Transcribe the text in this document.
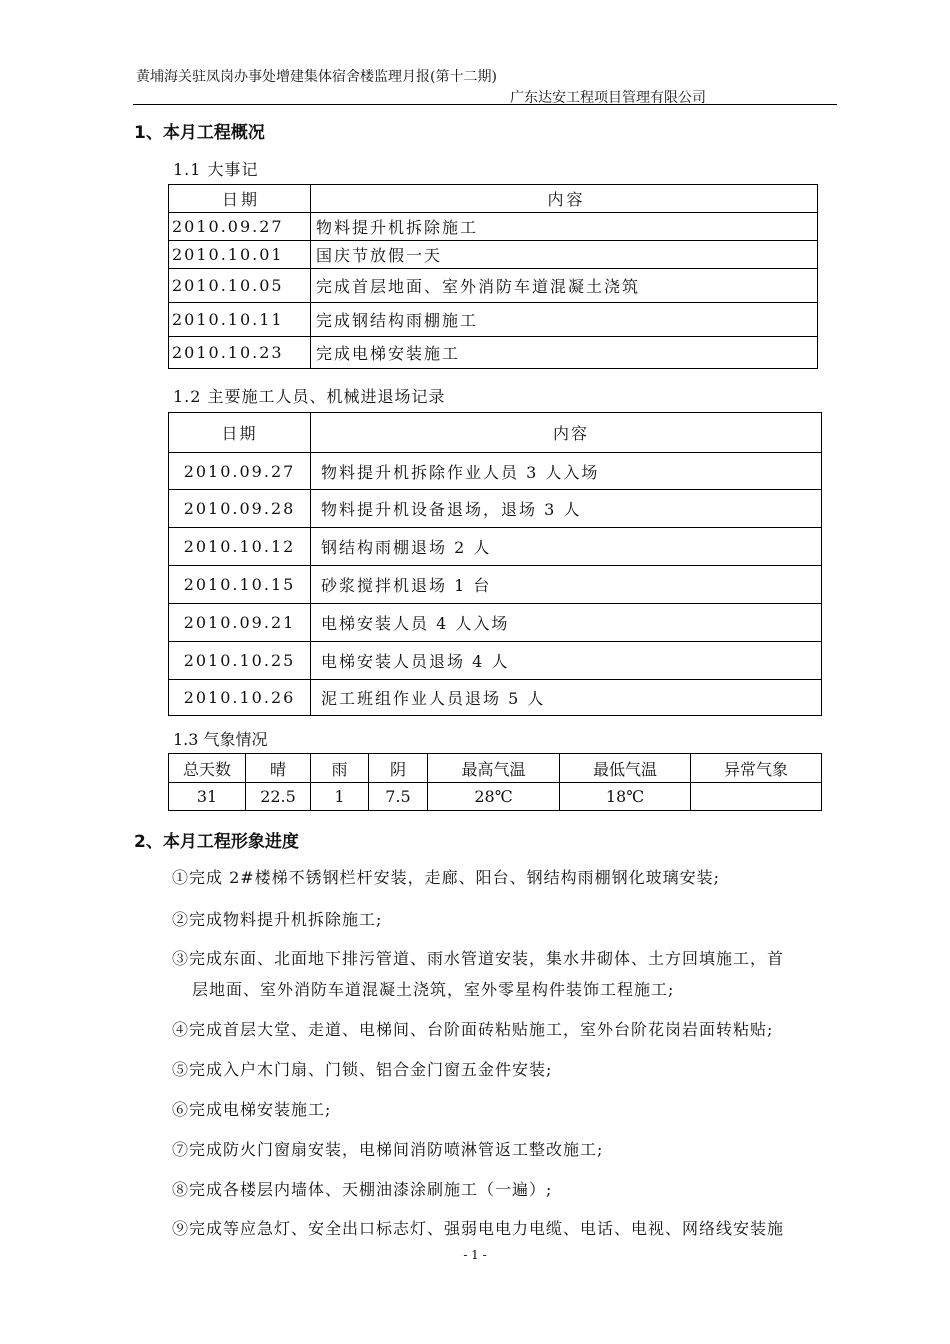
黄埔海关驻凤岗办事处增建集体宿舍楼监理月报(第十二期)
广东达安工程项目管理有限公司
1、本月工程概况
1.1 大事记
日期	内容
2010.09.27	物料提升机拆除施工
2010.10.01	国庆节放假一天
2010.10.05	完成首层地面、室外消防车道混凝土浇筑
2010.10.11	完成钢结构雨棚施工
2010.10.23	完成电梯安装施工
1.2 主要施工人员、机械进退场记录
日期	内容
2010.09.27	物料提升机拆除作业人员 3 人入场
2010.09.28	物料提升机设备退场，退场 3 人
2010.10.12	钢结构雨棚退场 2 人
2010.10.15	砂浆搅拌机退场 1 台
2010.09.21	电梯安装人员 4 人入场
2010.10.25	电梯安装人员退场 4 人
2010.10.26	泥工班组作业人员退场 5 人
1.3 气象情况
总天数	晴	雨	阴	最高气温	最低气温	异常气象
31	22.5	1	7.5	28℃	18℃	
2、本月工程形象进度
①完成 2#楼梯不锈钢栏杆安装，走廊、阳台、钢结构雨棚钢化玻璃安装;
②完成物料提升机拆除施工;
③完成东面、北面地下排污管道、雨水管道安装，集水井砌体、土方回填施工，首
层地面、室外消防车道混凝土浇筑，室外零星构件装饰工程施工;
④完成首层大堂、走道、电梯间、台阶面砖粘贴施工，室外台阶花岗岩面转粘贴;
⑤完成入户木门扇、门锁、铝合金门窗五金件安装;
⑥完成电梯安装施工;
⑦完成防火门窗扇安装，电梯间消防喷淋管返工整改施工;
⑧完成各楼层内墙体、天棚油漆涂刷施工（一遍）;
⑨完成等应急灯、安全出口标志灯、强弱电电力电缆、电话、电视、网络线安装施
- 1 -
